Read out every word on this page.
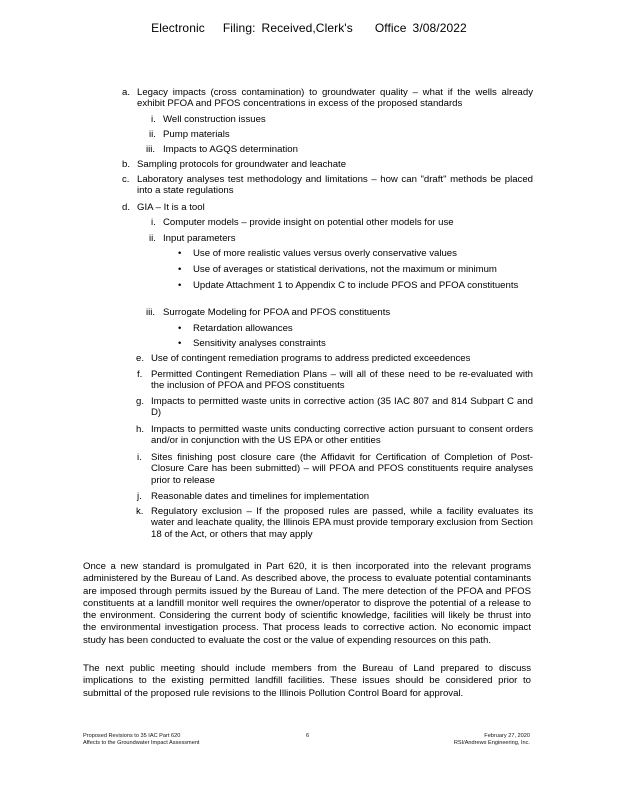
Electronic Filing: Received,Clerk's Office 3/08/2022
a. Legacy impacts (cross contamination) to groundwater quality – what if the wells already exhibit PFOA and PFOS concentrations in excess of the proposed standards
i. Well construction issues
ii. Pump materials
iii. Impacts to AGQS determination
b. Sampling protocols for groundwater and leachate
c. Laboratory analyses test methodology and limitations – how can "draft" methods be placed into a state regulations
d. GIA – It is a tool
i. Computer models – provide insight on potential other models for use
ii. Input parameters
• Use of more realistic values versus overly conservative values
• Use of averages or statistical derivations, not the maximum or minimum
• Update Attachment 1 to Appendix C to include PFOS and PFOA constituents
iii. Surrogate Modeling for PFOA and PFOS constituents
• Retardation allowances
• Sensitivity analyses constraints
e. Use of contingent remediation programs to address predicted exceedences
f. Permitted Contingent Remediation Plans – will all of these need to be re-evaluated with the inclusion of PFOA and PFOS constituents
g. Impacts to permitted waste units in corrective action (35 IAC 807 and 814 Subpart C and D)
h. Impacts to permitted waste units conducting corrective action pursuant to consent orders and/or in conjunction with the US EPA or other entities
i. Sites finishing post closure care (the Affidavit for Certification of Completion of Post-Closure Care has been submitted) – will PFOA and PFOS constituents require analyses prior to release
j. Reasonable dates and timelines for implementation
k. Regulatory exclusion – If the proposed rules are passed, while a facility evaluates its water and leachate quality, the Illinois EPA must provide temporary exclusion from Section 18 of the Act, or others that may apply
Once a new standard is promulgated in Part 620, it is then incorporated into the relevant programs administered by the Bureau of Land. As described above, the process to evaluate potential contaminants are imposed through permits issued by the Bureau of Land. The mere detection of the PFOA and PFOS constituents at a landfill monitor well requires the owner/operator to disprove the potential of a release to the environment. Considering the current body of scientific knowledge, facilities will likely be thrust into the environmental investigation process. That process leads to corrective action. No economic impact study has been conducted to evaluate the cost or the value of expending resources on this path.
The next public meeting should include members from the Bureau of Land prepared to discuss implications to the existing permitted landfill facilities. These issues should be considered prior to submittal of the proposed rule revisions to the Illinois Pollution Control Board for approval.
Proposed Revisions to 35 IAC Part 620
Affects to the Groundwater Impact Assessment
6	February 27, 2020
RSI/Andrews Engineering, Inc.
